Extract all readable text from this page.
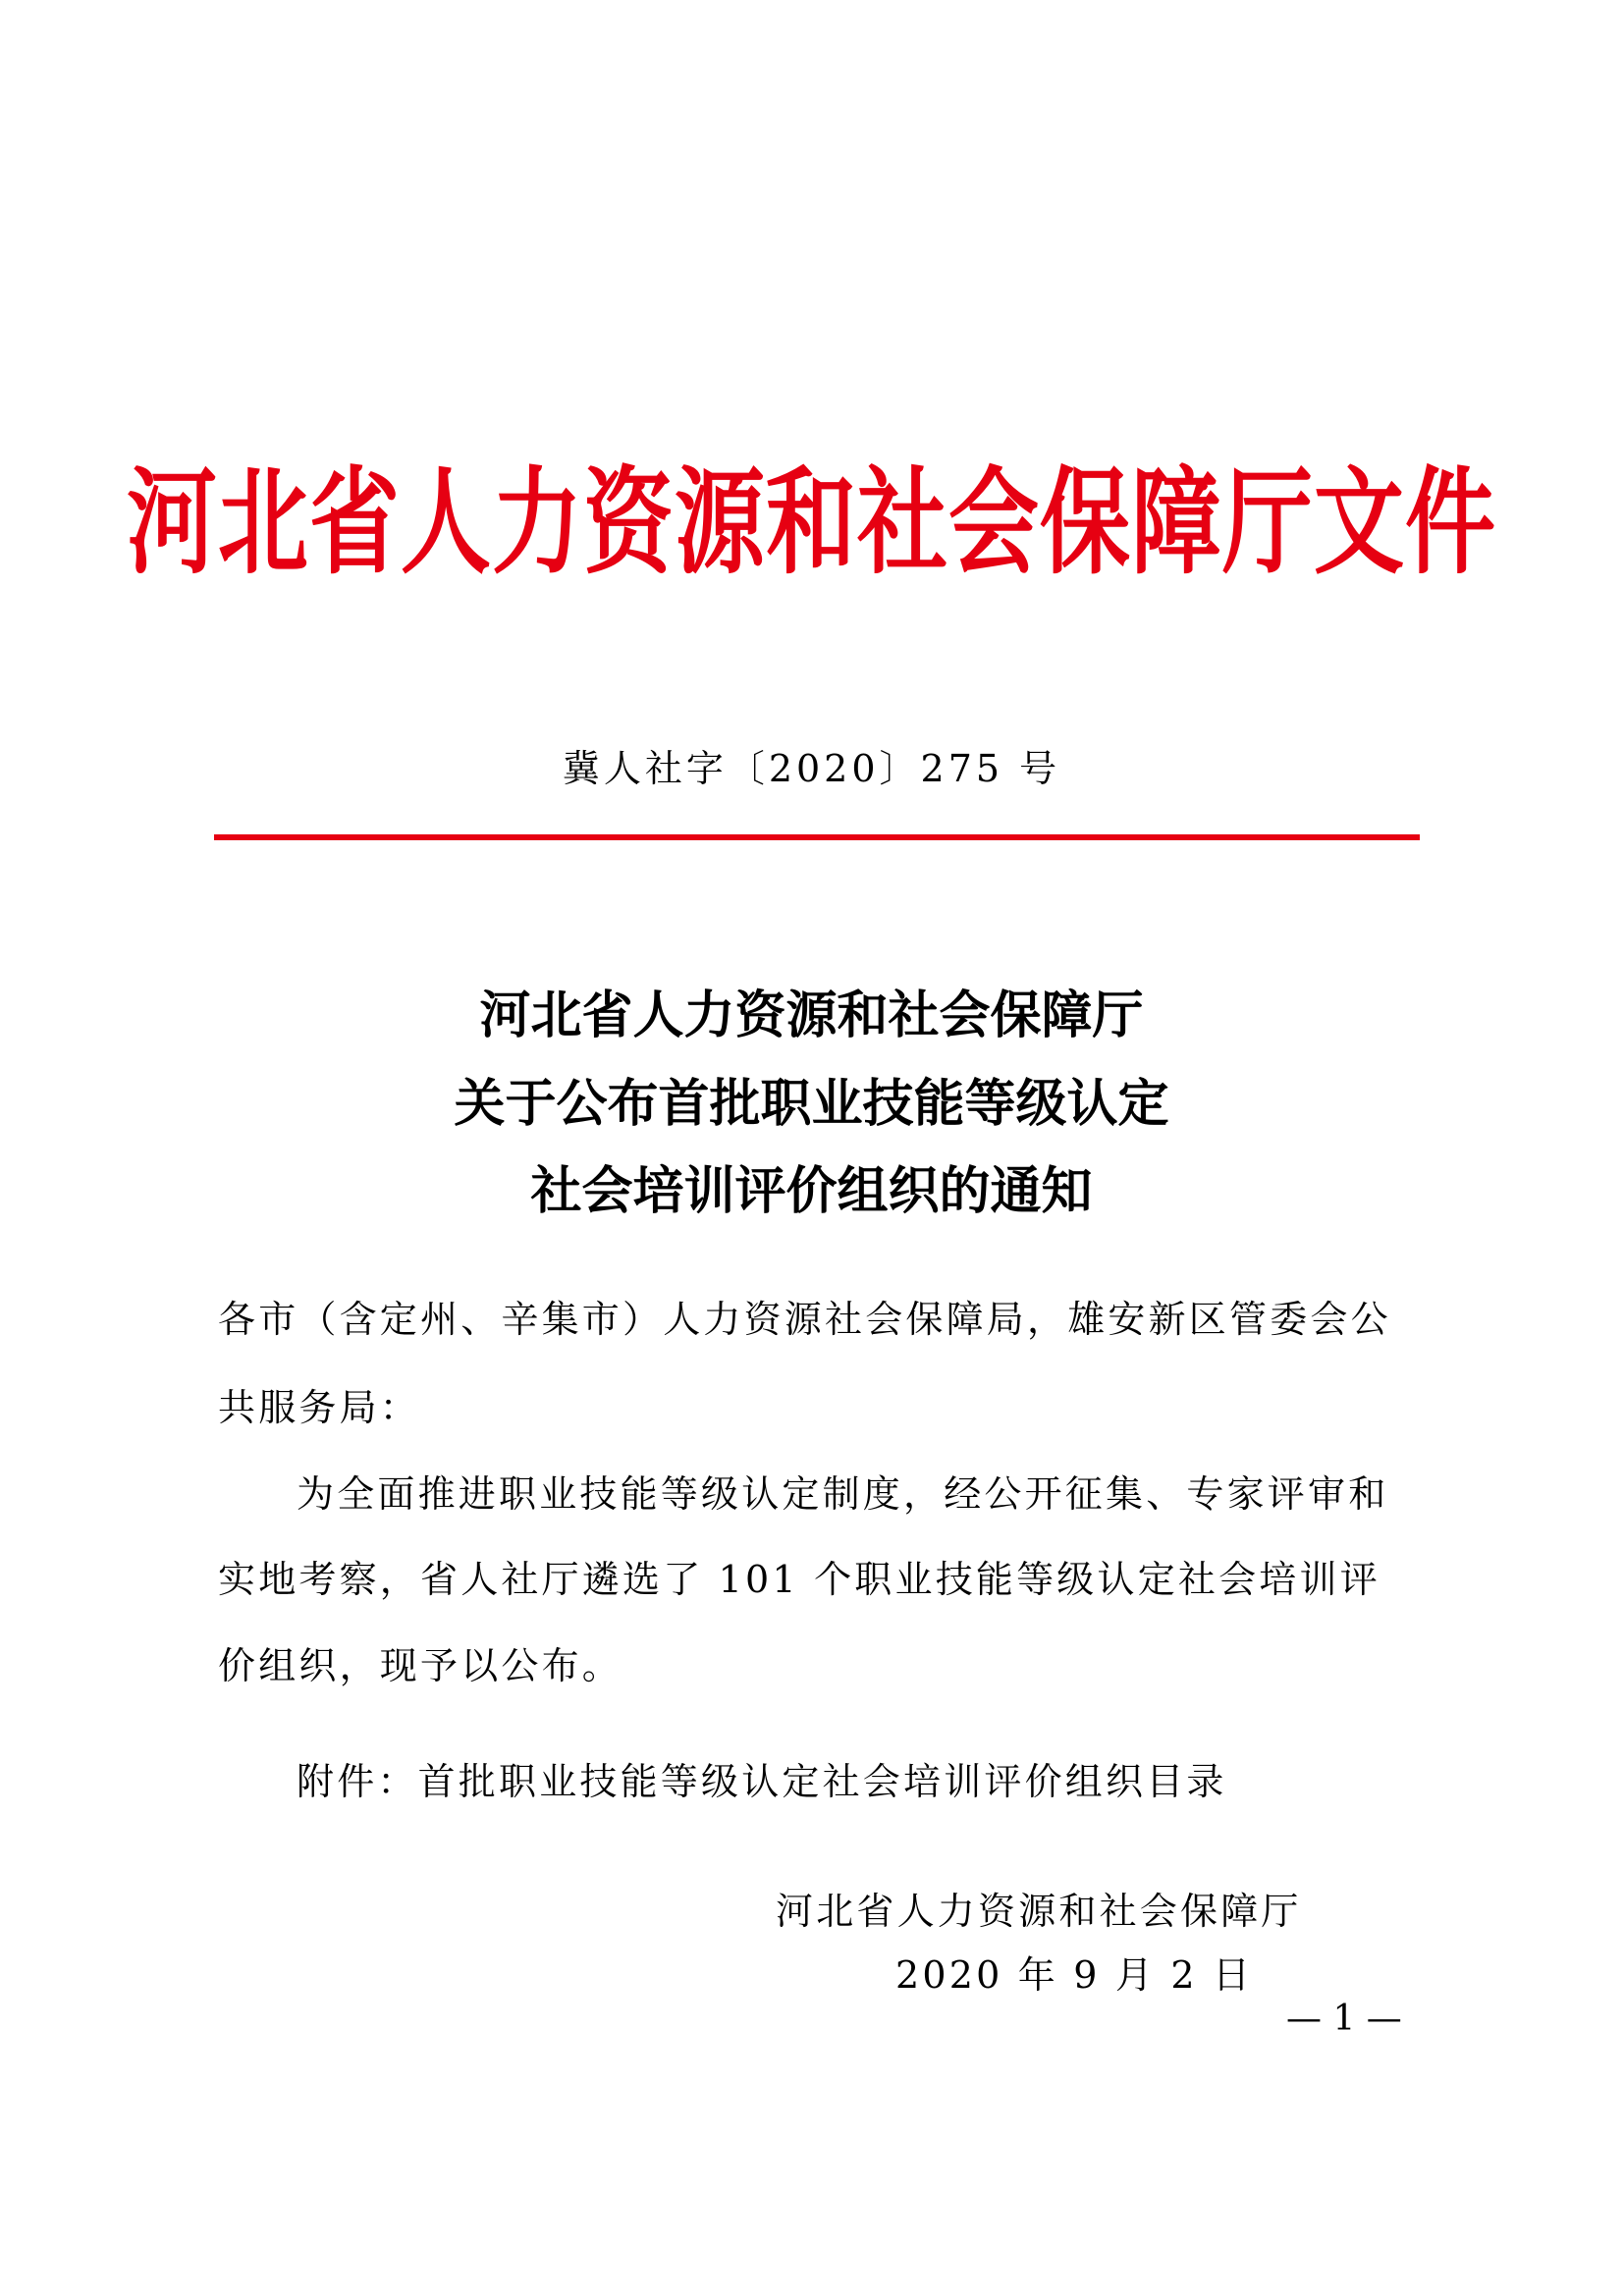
河北省人力资源和社会保障厅文件
冀人社字〔2020〕275 号
河北省人力资源和社会保障厅
关于公布首批职业技能等级认定
社会培训评价组织的通知
各市（含定州、辛集市）人力资源社会保障局，雄安新区管委会公
共服务局：
为全面推进职业技能等级认定制度，经公开征集、专家评审和
实地考察，省人社厅遴选了 101 个职业技能等级认定社会培训评
价组织，现予以公布。
附件：首批职业技能等级认定社会培训评价组织目录
河北省人力资源和社会保障厅
2020 年 9 月 2 日
— 1 —
